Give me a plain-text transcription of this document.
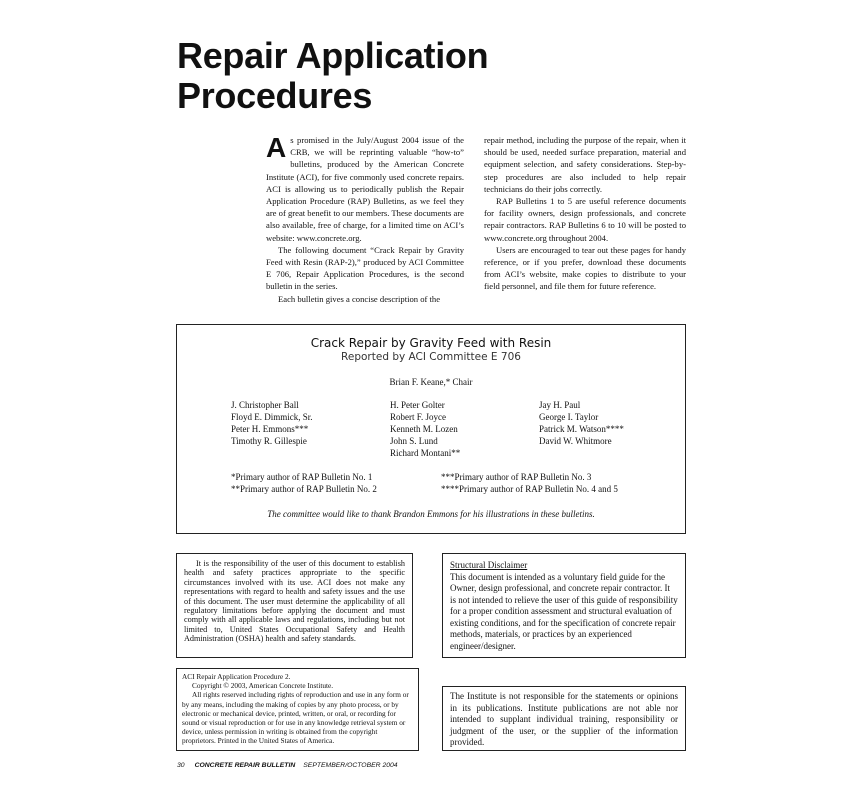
Repair Application
Procedures

As promised in the July/August 2004 issue of the CRB, we will be reprinting valuable “how-to” bulletins, produced by the American Concrete Institute (ACI), for five commonly used concrete repairs. ACI is allowing us to periodically publish the Repair Application Procedure (RAP) Bulletins, as we feel they are of great benefit to our members. These documents are also available, free of charge, for a limited time on ACI’s website: www.concrete.org.

The following document “Crack Repair by Gravity Feed with Resin (RAP-2),” produced by ACI Committee E 706, Repair Application Procedures, is the second bulletin in the series.

Each bulletin gives a concise description of the

repair method, including the purpose of the repair, when it should be used, needed surface preparation, material and equipment selection, and safety considerations. Step-by-step procedures are also included to help repair technicians do their jobs correctly.

RAP Bulletins 1 to 5 are useful reference documents for facility owners, design professionals, and concrete repair contractors. RAP Bulletins 6 to 10 will be posted to www.concrete.org throughout 2004.

Users are encouraged to tear out these pages for handy reference, or if you prefer, download these documents from ACI’s website, make copies to distribute to your field personnel, and file them for future reference.

Crack Repair by Gravity Feed with Resin
Reported by ACI Committee E 706
Brian F. Keane,* Chair
J. Christopher Ball
Floyd E. Dimmick, Sr.
Peter H. Emmons***
Timothy R. Gillespie
H. Peter Golter
Robert F. Joyce
Kenneth M. Lozen
John S. Lund
Richard Montani**
Jay H. Paul
George I. Taylor
Patrick M. Watson****
David W. Whitmore
*Primary author of RAP Bulletin No. 1
**Primary author of RAP Bulletin No. 2
***Primary author of RAP Bulletin No. 3
****Primary author of RAP Bulletin No. 4 and 5
The committee would like to thank Brandon Emmons for his illustrations in these bulletins.
It is the responsibility of the user of this document to establish health and safety practices appropriate to the specific circumstances involved with its use. ACI does not make any representations with regard to health and safety issues and the use of this document. The user must determine the applicability of all regulatory limitations before applying the document and must comply with all applicable laws and regulations, including but not limited to, United States Occupational Safety and Health Administration (OSHA) health and safety standards.
Structural Disclaimer
This document is intended as a voluntary field guide for the Owner, design professional, and concrete repair contractor. It is not intended to relieve the user of this guide of responsibility for a proper condition assessment and structural evaluation of existing conditions, and for the specification of concrete repair methods, materials, or practices by an experienced engineer/designer.

ACI Repair Application Procedure 2.

Copyright © 2003, American Concrete Institute.

All rights reserved including rights of reproduction and use in any form or by any means, including the making of copies by any photo process, or by electronic or mechanical device, printed, written, or oral, or recording for sound or visual reproduction or for use in any knowledge retrieval system or device, unless permission in writing is obtained from the copyright proprietors. Printed in the United States of America.

The Institute is not responsible for the statements or opinions in its publications. Institute publications are not able nor intended to supplant individual training, responsibility or judgment of the user, or the supplier of the information provided.
30 CONCRETE REPAIR BULLETIN SEPTEMBER/OCTOBER 2004
